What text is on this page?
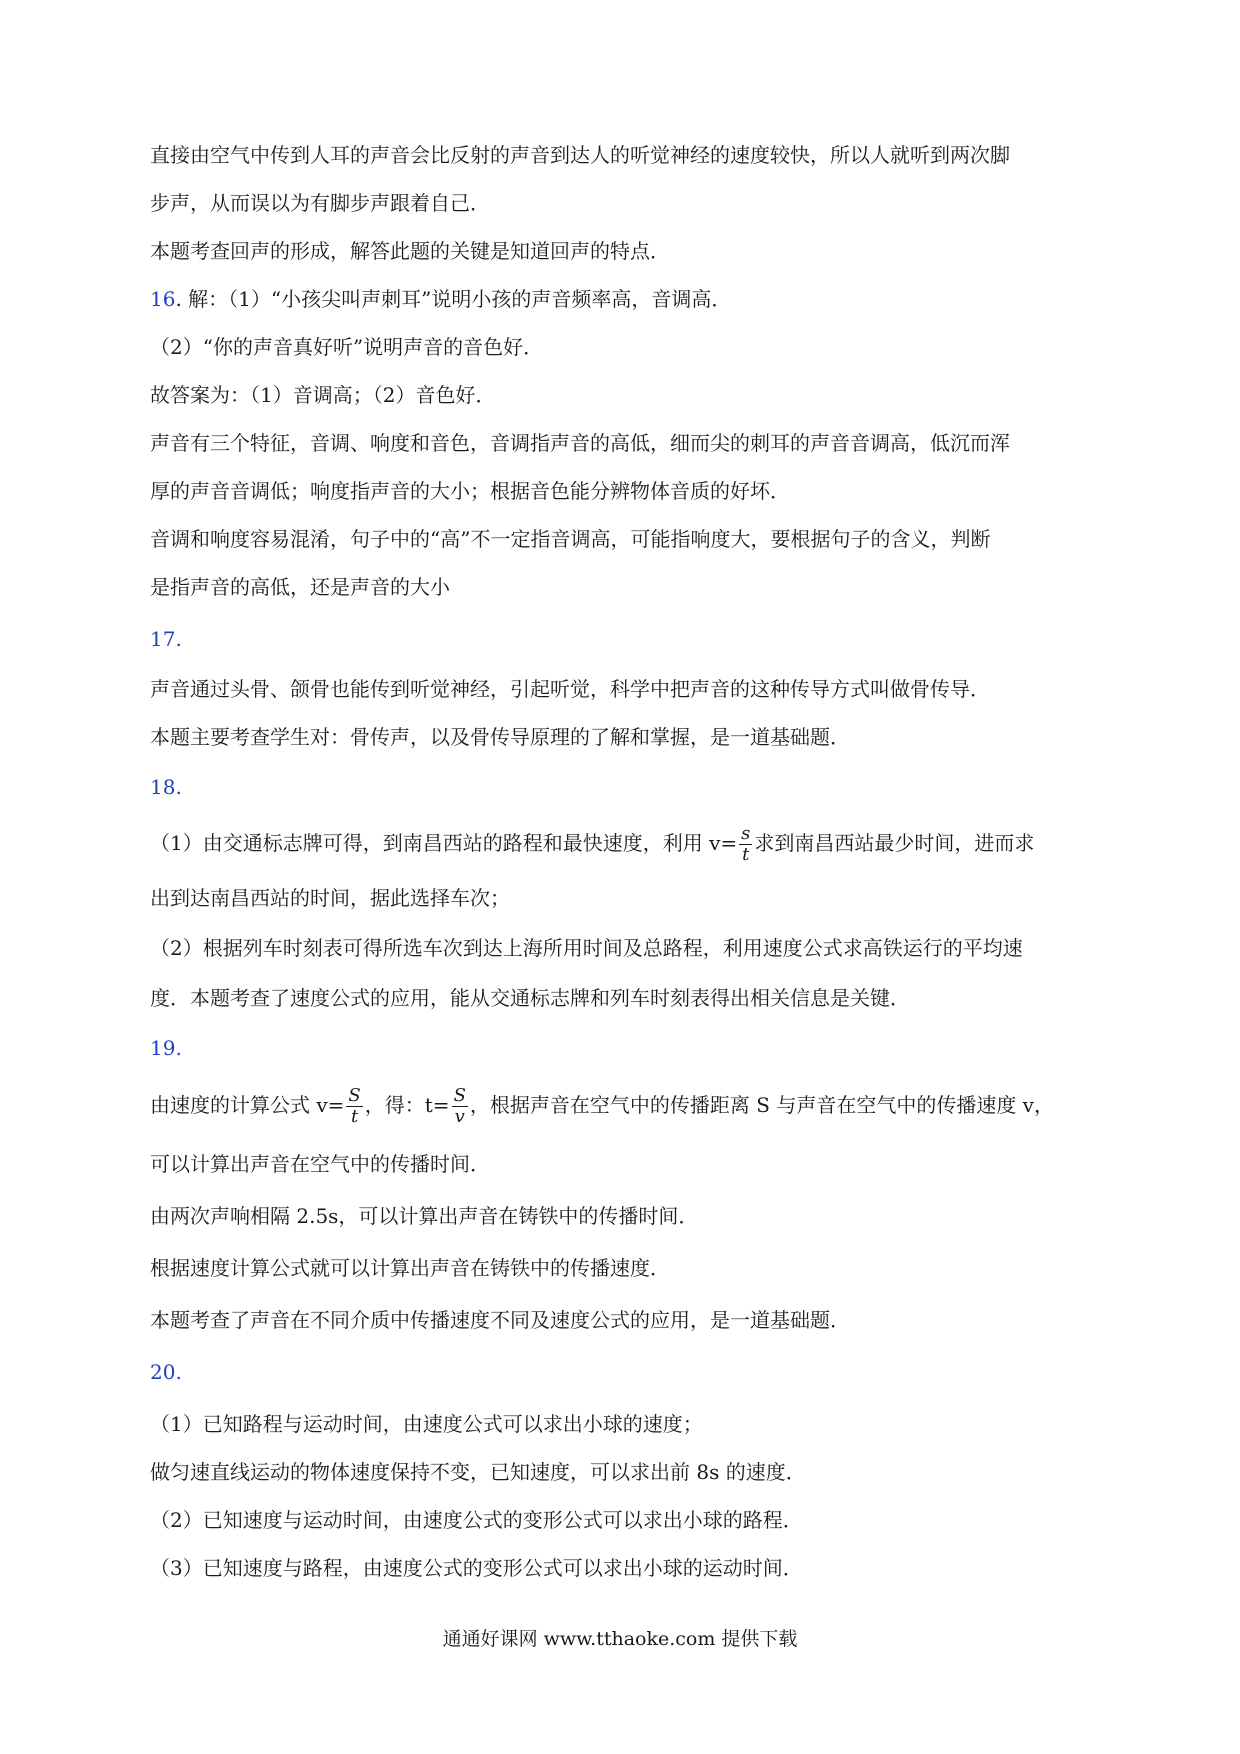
直接由空气中传到人耳的声音会比反射的声音到达人的听觉神经的速度较快，所以人就听到两次脚
步声，从而误以为有脚步声跟着自己．
本题考查回声的形成，解答此题的关键是知道回声的特点．
16. 解：（1）“小孩尖叫声刺耳”说明小孩的声音频率高，音调高．
（2）“你的声音真好听”说明声音的音色好．
故答案为：（1）音调高；（2）音色好．
声音有三个特征，音调、响度和音色，音调指声音的高低，细而尖的刺耳的声音音调高，低沉而浑
厚的声音音调低；响度指声音的大小；根据音色能分辨物体音质的好坏．
音调和响度容易混淆，句子中的“高”不一定指音调高，可能指响度大，要根据句子的含义，判断
是指声音的高低，还是声音的大小
17.
声音通过头骨、颌骨也能传到听觉神经，引起听觉，科学中把声音的这种传导方式叫做骨传导．
本题主要考查学生对：骨传声，以及骨传导原理的了解和掌握，是一道基础题．
18.
（1）由交通标志牌可得，到南昌西站的路程和最快速度，利用 $v= \frac{s}{t}$ 求到南昌西站最少时间，进而求
出到达南昌西站的时间，据此选择车次；
（2）根据列车时刻表可得所选车次到达上海所用时间及总路程，利用速度公式求高铁运行的平均速
度．本题考查了速度公式的应用，能从交通标志牌和列车时刻表得出相关信息是关键．
19.
由速度的计算公式 $v= \frac{S}{t}$ ，得：$t= \frac{S}{v}$ ，根据声音在空气中的传播距离 S 与声音在空气中的传播速度 v，
可以计算出声音在空气中的传播时间．
由两次声响相隔 2.5s，可以计算出声音在铸铁中的传播时间．
根据速度计算公式就可以计算出声音在铸铁中的传播速度．
本题考查了声音在不同介质中传播速度不同及速度公式的应用，是一道基础题．
20.
（1）已知路程与运动时间，由速度公式可以求出小球的速度；
做匀速直线运动的物体速度保持不变，已知速度，可以求出前 8s 的速度．
（2）已知速度与运动时间，由速度公式的变形公式可以求出小球的路程．
（3）已知速度与路程，由速度公式的变形公式可以求出小球的运动时间．
通通好课网 www.tthaoke.com 提供下载
